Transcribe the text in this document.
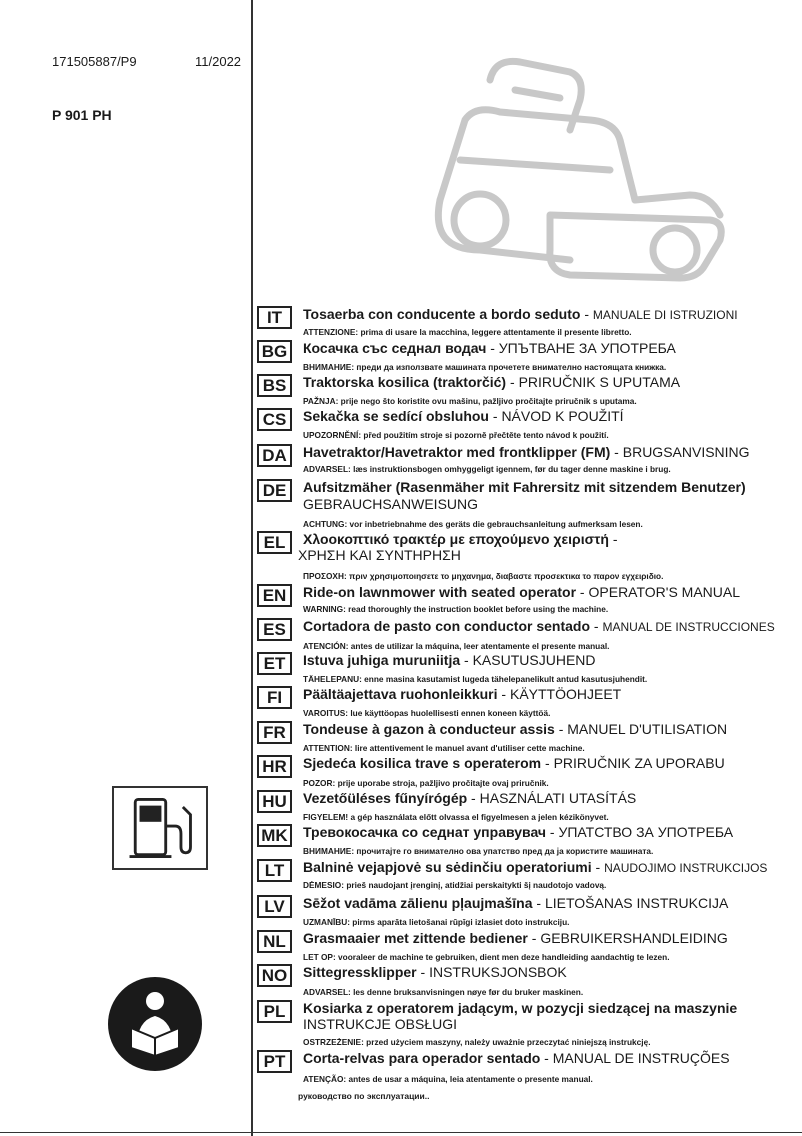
171505887/P9	11/2022
P 901 PH
IT	Tosaerba con conducente a bordo seduto - MANUALE DI ISTRUZIONI
ATTENZIONE: prima di usare la macchina, leggere attentamente il presente libretto.
BG	Косачка със седнал водач - УПЪТВАНЕ ЗА УПОТРЕБА
ВНИМАНИЕ: преди да използвате машината прочетете внимателно настоящата книжка.
BS	Traktorska kosilica (traktorčić) - PRIRUČNIK S UPUTAMA
PAŽNJA: prije nego što koristite ovu mašinu, pažljivo pročitajte priručnik s uputama.
CS	Sekačka se sedící obsluhou - NÁVOD K POUŽITÍ
UPOZORNĚNÍ: před použitím stroje si pozorně přečtěte tento návod k použití.
DA	Havetraktor/Havetraktor med frontklipper (FM) - BRUGSANVISNING
ADVARSEL: læs instruktionsbogen omhyggeligt igennem, før du tager denne maskine i brug.
DE	Aufsitzmäher (Rasenmäher mit Fahrersitz mit sitzendem Benutzer)
GEBRAUCHSANWEISUNG
ACHTUNG: vor inbetriebnahme des geräts die gebrauchsanleitung aufmerksam lesen.
EL	Χλοοκοπτικό τρακτέρ με εποχούμενο χειριστή -
ΧΡΗΣΗ ΚΑΙ ΣΥΝΤΗΡΗΣΗ
ΠΡΟΣΟΧΗ: πριν χρησιμοποιησετε το μηχανημα, διαβαστε προσεκτικα το παρον εγχειριδιο.
EN	Ride-on lawnmower with seated operator - OPERATOR'S MANUAL
WARNING: read thoroughly the instruction booklet before using the machine.
ES	Cortadora de pasto con conductor sentado - MANUAL DE INSTRUCCIONES
ATENCIÓN: antes de utilizar la máquina, leer atentamente el presente manual.
ET	Istuva juhiga muruniitja - KASUTUSJUHEND
TÄHELEPANU: enne masina kasutamist lugeda tähelepanelikult antud kasutusjuhendit.
FI	Päältäajettava ruohonleikkuri - KÄYTTÖOHJEET
VAROITUS: lue käyttöopas huolellisesti ennen koneen käyttöä.
FR	Tondeuse à gazon à conducteur assis - MANUEL D'UTILISATION
ATTENTION: lire attentivement le manuel avant d'utiliser cette machine.
HR	Sjedeća kosilica trave s operaterom - PRIRUČNIK ZA UPORABU
POZOR: prije uporabe stroja, pažljivo pročitajte ovaj priručnik.
HU	Vezetőüléses fűnyírógép - HASZNÁLATI UTASÍTÁS
FIGYELEM! a gép használata előtt olvassa el figyelmesen a jelen kézikönyvet.
MK	Тревокосачка со седнат управувач - УПАТСТВО ЗА УПОТРЕБА
ВНИМАНИЕ: прочитајте го внимателно ова упатство пред да ја користите машината.
LT	Balninė vejapjovė su sėdinčiu operatoriumi - NAUDOJIMO INSTRUKCIJOS
DĖMESIO: prieš naudojant įrenginį, atidžiai perskaitykti šį naudotojo vadovą.
LV	Sēžot vadāma zālienu pļaujmašīna - LIETOŠANAS INSTRUKCIJA
UZMANĪBU: pirms aparāta lietošanai rūpīgi izlasiet doto instrukciju.
NL	Grasmaaier met zittende bediener - GEBRUIKERSHANDLEIDING
LET OP: vooraleer de machine te gebruiken, dient men deze handleiding aandachtig te lezen.
NO	Sittegressklipper - INSTRUKSJONSBOK
ADVARSEL: les denne bruksanvisningen nøye før du bruker maskinen.
PL	Kosiarka z operatorem jadącym, w pozycji siedzącej na maszynie
INSTRUKCJE OBSŁUGI
OSTRZEŻENIE: przed użyciem maszyny, należy uważnie przeczytać niniejszą instrukcję.
PT	Corta-relvas para operador sentado - MANUAL DE INSTRUÇÕES
ATENÇÃO: antes de usar a máquina, leia atentamente o presente manual.
руководство по эксплуатации..
